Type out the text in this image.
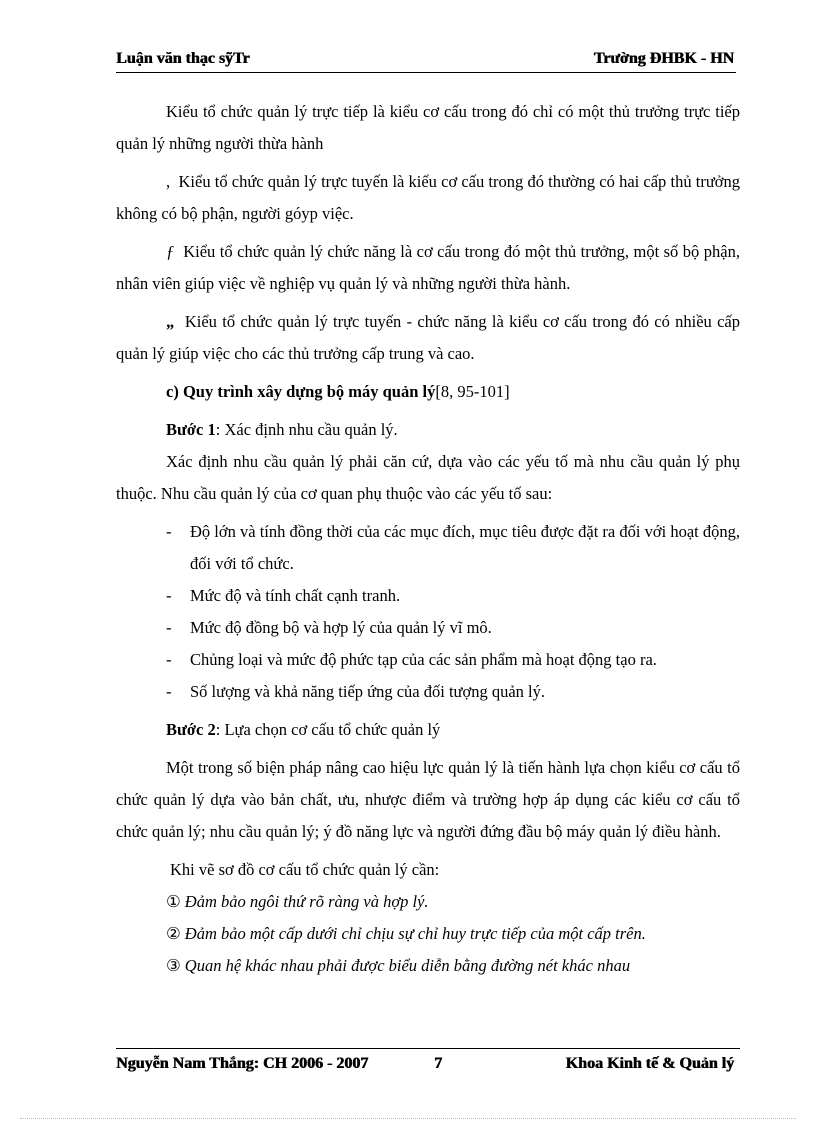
Luận văn thạc sỹTr	Trường ĐHBK - HN

Kiểu tổ chức quản lý trực tiếp là kiểu cơ cấu trong đó chỉ có một thủ trưởng trực tiếp quản lý những người thừa hành

, Kiểu tổ chức quản lý trực tuyến là kiểu cơ cấu trong đó thường có hai cấp thủ trưởng không có bộ phận, người góyp việc.

ƒ Kiểu tổ chức quản lý chức năng là cơ cấu trong đó một thủ trưởng, một số bộ phận, nhân viên giúp việc về nghiệp vụ quản lý và những người thừa hành.

„ Kiểu tổ chức quản lý trực tuyến - chức năng là kiểu cơ cấu trong đó có nhiều cấp quản lý giúp việc cho các thủ trưởng cấp trung và cao.

c) Quy trình xây dựng bộ máy quản lý[8, 95-101]

Bước 1: Xác định nhu cầu quản lý.

Xác định nhu cầu quản lý phải căn cứ, dựa vào các yếu tố mà nhu cầu quản lý phụ thuộc. Nhu cầu quản lý của cơ quan phụ thuộc vào các yếu tố sau:

- Độ lớn và tính đồng thời của các mục đích, mục tiêu được đặt ra đối với hoạt động, đối với tổ chức.

- Mức độ và tính chất cạnh tranh.

- Mức độ đồng bộ và hợp lý của quản lý vĩ mô.

- Chủng loại và mức độ phức tạp của các sản phẩm mà hoạt động tạo ra.

- Số lượng và khả năng tiếp ứng của đối tượng quản lý.

Bước 2: Lựa chọn cơ cấu tổ chức quản lý

Một trong số biện pháp nâng cao hiệu lực quản lý là tiến hành lựa chọn kiểu cơ cấu tổ chức quản lý dựa vào bản chất, ưu, nhược điểm và trường hợp áp dụng các kiểu cơ cấu tổ chức quản lý; nhu cầu quản lý; ý đồ năng lực và người đứng đầu bộ máy quản lý điều hành.

Khi vẽ sơ đồ cơ cấu tổ chức quản lý cần:

① Đảm bảo ngôi thứ rõ ràng và hợp lý.

② Đảm bảo một cấp dưới chỉ chịu sự chỉ huy trực tiếp của một cấp trên.

③ Quan hệ khác nhau phải được biểu diễn bằng đường nét khác nhau

Nguyễn Nam Thắng: CH 2006 - 2007	7	Khoa Kinh tế & Quản lý
